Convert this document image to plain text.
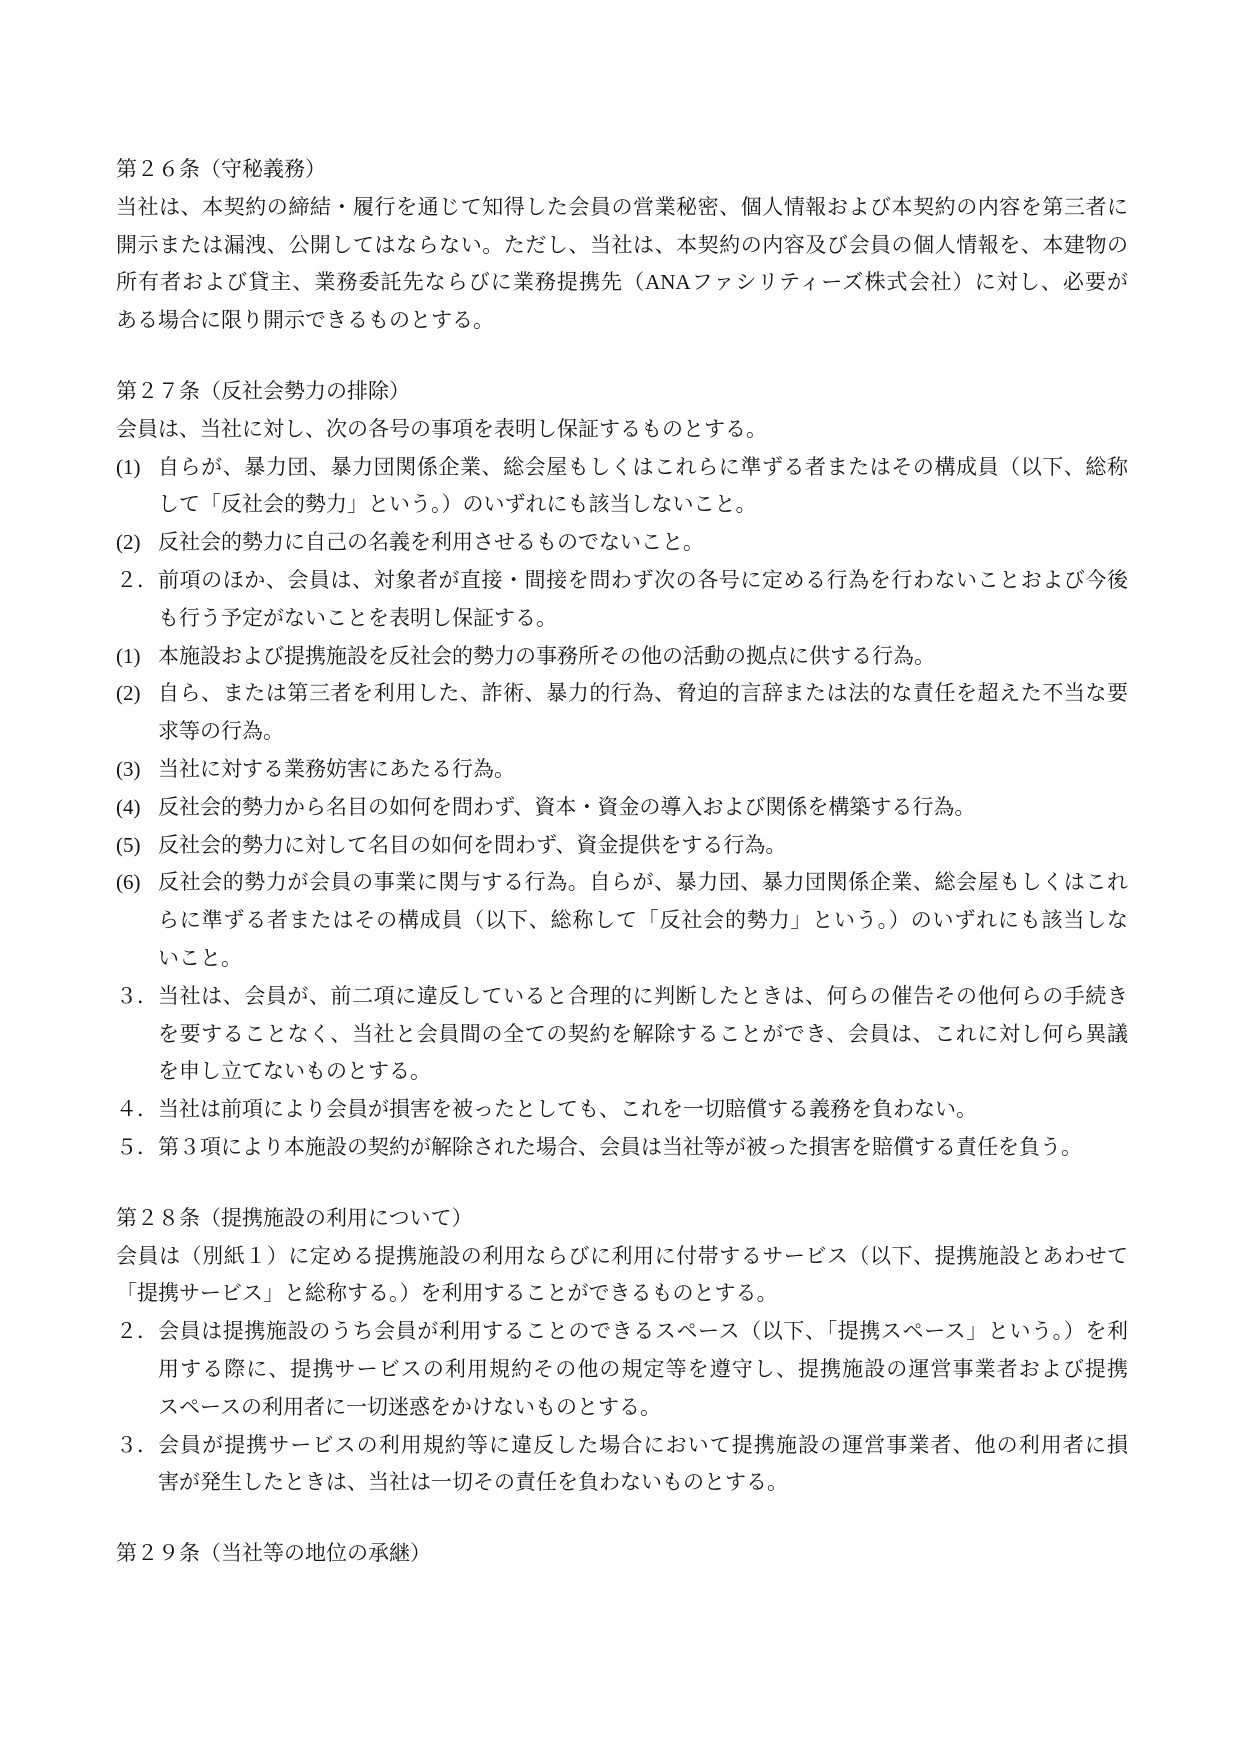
第２６条（守秘義務）
当社は、本契約の締結・履行を通じて知得した会員の営業秘密、個人情報および本契約の内容を第三者に
開示または漏洩、公開してはならない。ただし、当社は、本契約の内容及び会員の個人情報を、本建物の
所有者および貸主、業務委託先ならびに業務提携先（ANAファシリティーズ株式会社）に対し、必要が
ある場合に限り開示できるものとする。
第２７条（反社会勢力の排除）
会員は、当社に対し、次の各号の事項を表明し保証するものとする。
(1) 自らが、暴力団、暴力団関係企業、総会屋もしくはこれらに準ずる者またはその構成員（以下、総称
して「反社会的勢力」という。）のいずれにも該当しないこと。
(2) 反社会的勢力に自己の名義を利用させるものでないこと。
２． 前項のほか、会員は、対象者が直接・間接を問わず次の各号に定める行為を行わないことおよび今後
も行う予定がないことを表明し保証する。
(1) 本施設および提携施設を反社会的勢力の事務所その他の活動の拠点に供する行為。
(2) 自ら、または第三者を利用した、詐術、暴力的行為、脅迫的言辞または法的な責任を超えた不当な要
求等の行為。
(3) 当社に対する業務妨害にあたる行為。
(4) 反社会的勢力から名目の如何を問わず、資本・資金の導入および関係を構築する行為。
(5) 反社会的勢力に対して名目の如何を問わず、資金提供をする行為。
(6) 反社会的勢力が会員の事業に関与する行為。自らが、暴力団、暴力団関係企業、総会屋もしくはこれ
らに準ずる者またはその構成員（以下、総称して「反社会的勢力」という。）のいずれにも該当しな
いこと。
３． 当社は、会員が、前二項に違反していると合理的に判断したときは、何らの催告その他何らの手続き
を要することなく、当社と会員間の全ての契約を解除することができ、会員は、これに対し何ら異議
を申し立てないものとする。
４． 当社は前項により会員が損害を被ったとしても、これを一切賠償する義務を負わない。
５． 第３項により本施設の契約が解除された場合、会員は当社等が被った損害を賠償する責任を負う。
第２８条（提携施設の利用について）
会員は（別紙１）に定める提携施設の利用ならびに利用に付帯するサービス（以下、提携施設とあわせて
「提携サービス」と総称する。）を利用することができるものとする。
２． 会員は提携施設のうち会員が利用することのできるスペース（以下、「提携スペース」という。）を利
用する際に、提携サービスの利用規約その他の規定等を遵守し、提携施設の運営事業者および提携
スペースの利用者に一切迷惑をかけないものとする。
３． 会員が提携サービスの利用規約等に違反した場合において提携施設の運営事業者、他の利用者に損
害が発生したときは、当社は一切その責任を負わないものとする。
第２９条（当社等の地位の承継）
